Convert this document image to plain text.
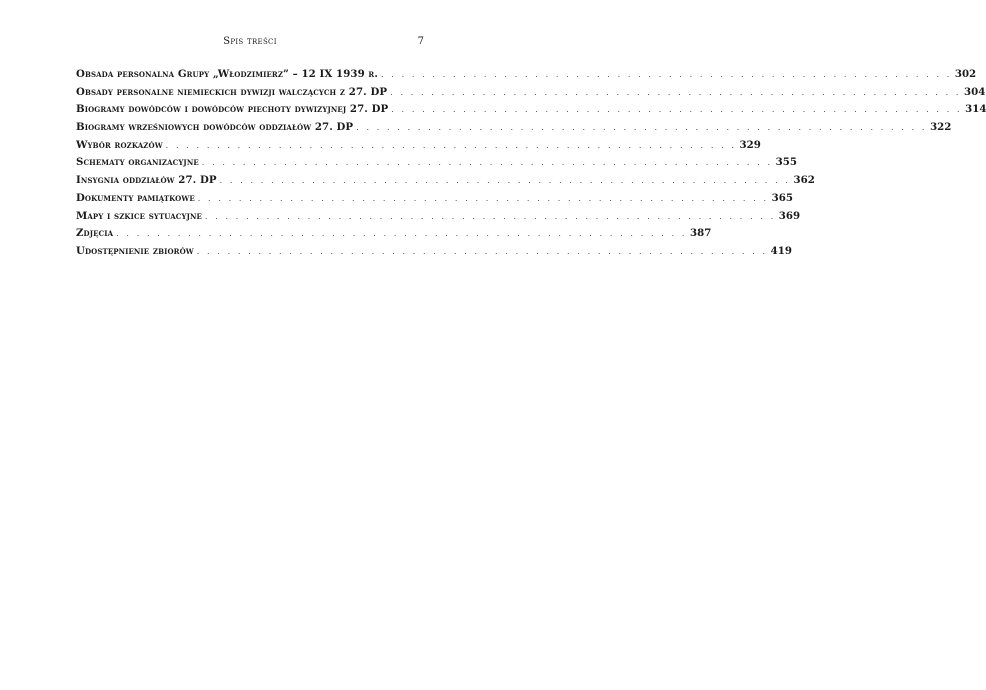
Spis treści	7
Obsada personalna Grupy „Włodzimierz” – 12 IX 1939 r. . . . . . . . . . . . . . . . . . . . . . . . . . . . . . . . . . . . . . . . . . . . . . . . . . . . . . . . . 302
Obsady personalne niemieckich dywizji walczących z 27. DP . . . . . . . . . . . . . . . . . . . . . . . . . . . . . . . . . . . . . . . . . . . . . . . . . . . . . . . . 304
Biogramy dowódców i dowódców piechoty dywizyjnej 27. DP . . . . . . . . . . . . . . . . . . . . . . . . . . . . . . . . . . . . . . . . . . . . . . . . . . . . . . . . 314
Biogramy wrześniowych dowódców oddziałów 27. DP . . . . . . . . . . . . . . . . . . . . . . . . . . . . . . . . . . . . . . . . . . . . . . . . . . . . . . . . 322
Wybór rozkazów . . . . . . . . . . . . . . . . . . . . . . . . . . . . . . . . . . . . . . . . . . . . . . . . . . . . . . . . 329
Schematy organizacyjne . . . . . . . . . . . . . . . . . . . . . . . . . . . . . . . . . . . . . . . . . . . . . . . . . . . . . . . . 355
Insygnia oddziałów 27. DP . . . . . . . . . . . . . . . . . . . . . . . . . . . . . . . . . . . . . . . . . . . . . . . . . . . . . . . . 362
Dokumenty pamiątkowe . . . . . . . . . . . . . . . . . . . . . . . . . . . . . . . . . . . . . . . . . . . . . . . . . . . . . . . . 365
Mapy i szkice sytuacyjne . . . . . . . . . . . . . . . . . . . . . . . . . . . . . . . . . . . . . . . . . . . . . . . . . . . . . . . . 369
Zdjęcia . . . . . . . . . . . . . . . . . . . . . . . . . . . . . . . . . . . . . . . . . . . . . . . . . . . . . . . . 387
Udostępnienie zbiorów . . . . . . . . . . . . . . . . . . . . . . . . . . . . . . . . . . . . . . . . . . . . . . . . . . . . . . . . 419
